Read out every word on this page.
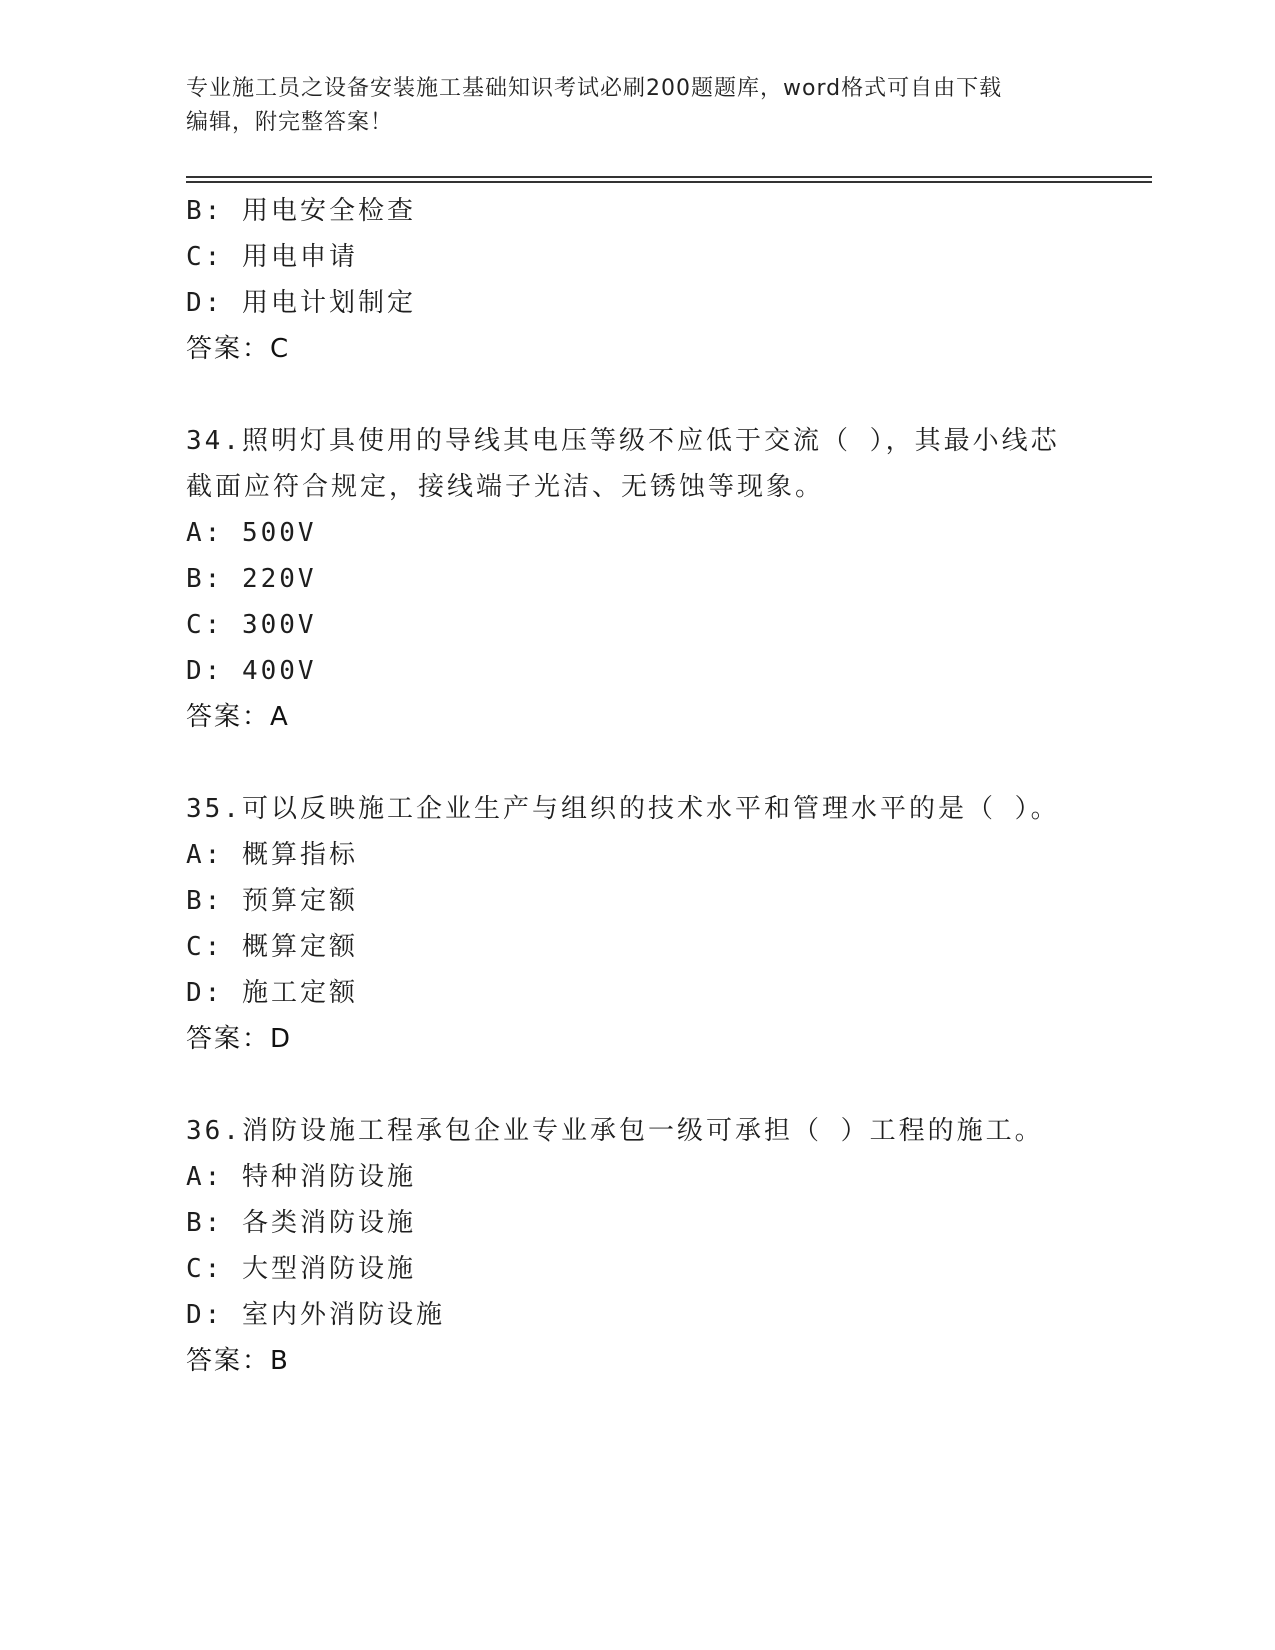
专业施工员之设备安装施工基础知识考试必刷200题题库，word格式可自由下载
编辑，附完整答案！
B: 用电安全检查
C: 用电申请
D: 用电计划制定
答案：C
34.照明灯具使用的导线其电压等级不应低于交流（ ），其最小线芯截面应符合规定，接线端子光洁、无锈蚀等现象。
A: 500V
B: 220V
C: 300V
D: 400V
答案：A
35.可以反映施工企业生产与组织的技术水平和管理水平的是（ ）。
A: 概算指标
B: 预算定额
C: 概算定额
D: 施工定额
答案：D
36.消防设施工程承包企业专业承包一级可承担（ ）工程的施工。
A: 特种消防设施
B: 各类消防设施
C: 大型消防设施
D: 室内外消防设施
答案：B
